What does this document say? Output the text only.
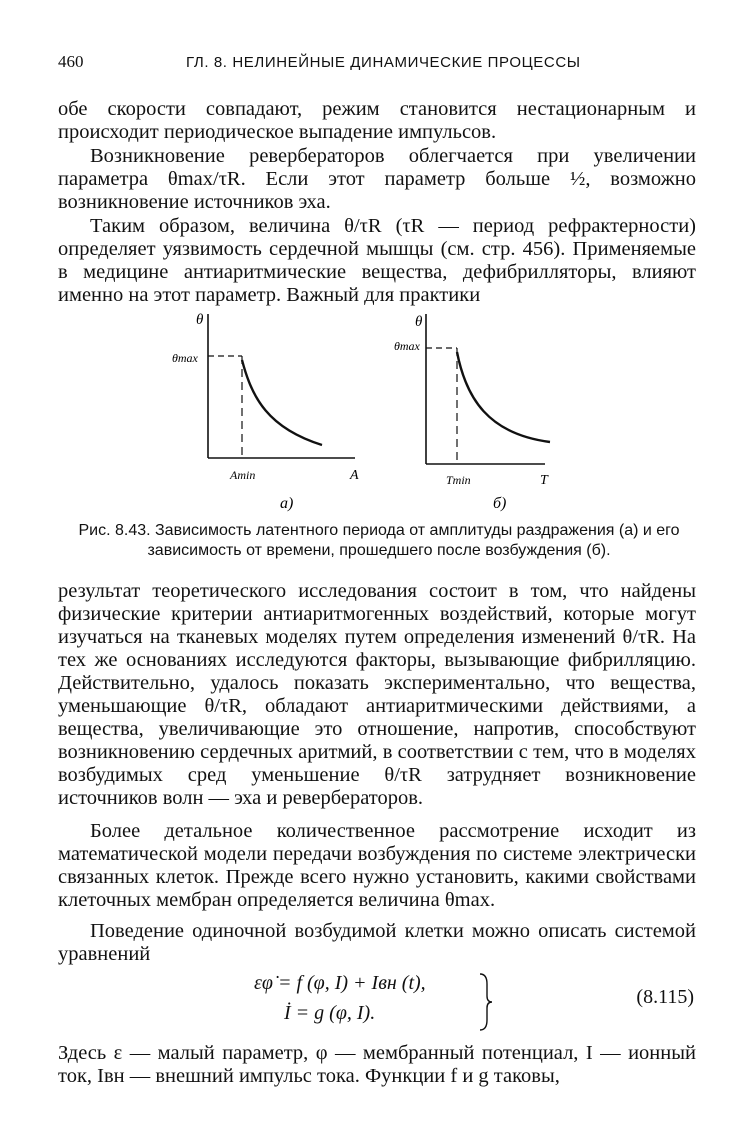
460	ГЛ. 8. НЕЛИНЕЙНЫЕ ДИНАМИЧЕСКИЕ ПРОЦЕССЫ

обе скорости совпадают, режим становится нестационарным и происходит периодическое выпадение импульсов.

Возникновение ревербераторов облегчается при увеличении параметра θmax/τR. Если этот параметр больше ½, возможно возникновение источников эха.

Таким образом, величина θ/τR (τR — период рефрактерности) определяет уязвимость сердечной мышцы (см. стр. 456). Применяемые в медицине антиаритмические вещества, дефибрилляторы, влияют именно на этот параметр. Важный для практики

θ
θmax
Amin	A
а)
θ
θmax
Tmin	T
б)
Рис. 8.43. Зависимость латентного периода от амплитуды раздражения (а) и его зависимость от времени, прошедшего после возбуждения (б).

результат теоретического исследования состоит в том, что найдены физические критерии антиаритмогенных воздействий, которые могут изучаться на тканевых моделях путем определения изменений θ/τR. На тех же основаниях исследуются факторы, вызывающие фибрилляцию. Действительно, удалось показать экспериментально, что вещества, уменьшающие θ/τR, обладают антиаритмическими действиями, а вещества, увеличивающие это отношение, напротив, способствуют возникновению сердечных аритмий, в соответствии с тем, что в моделях возбудимых сред уменьшение θ/τR затрудняет возникновение источников волн — эха и ревербераторов.

Более детальное количественное рассмотрение исходит из математической модели передачи возбуждения по системе электрически связанных клеток. Прежде всего нужно установить, какими свойствами клеточных мембран определяется величина θmax.

Поведение одиночной возбудимой клетки можно описать системой уравнений

εφ̇ = f (φ, I) + Iвн (t),
İ = g (φ, I).
(8.115)

Здесь ε — малый параметр, φ — мембранный потенциал, I — ионный ток, Iвн — внешний импульс тока. Функции f и g таковы,
